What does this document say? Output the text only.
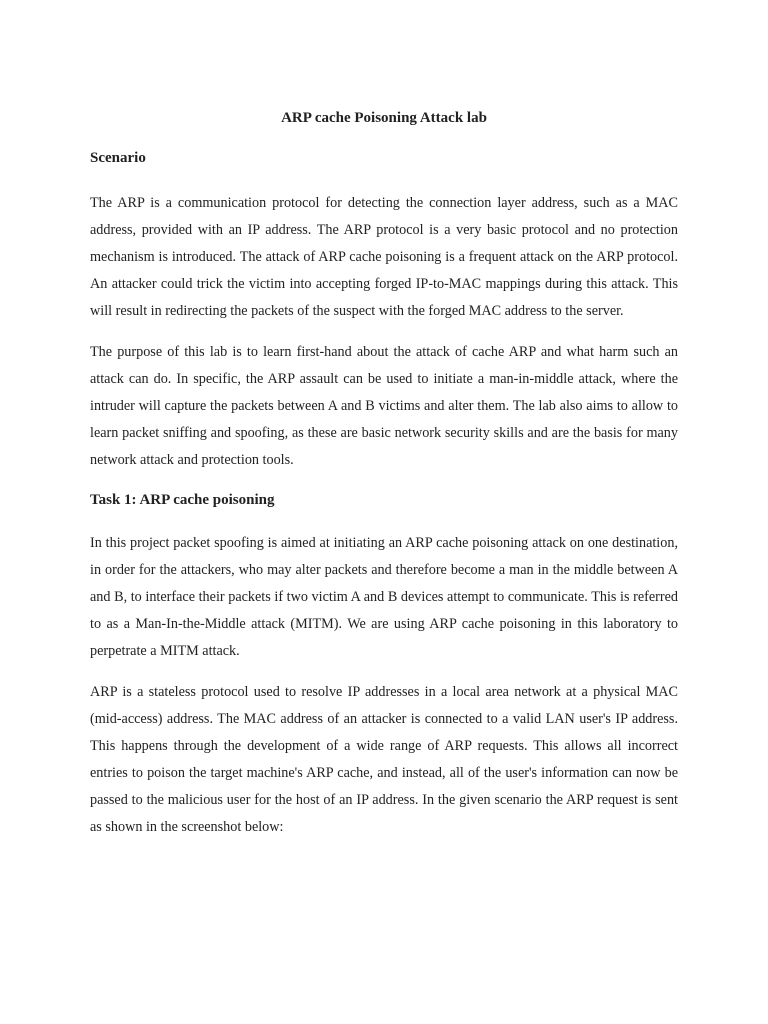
ARP cache Poisoning Attack lab
Scenario

The ARP is a communication protocol for detecting the connection layer address, such as a MAC address, provided with an IP address. The ARP protocol is a very basic protocol and no protection mechanism is introduced. The attack of ARP cache poisoning is a frequent attack on the ARP protocol. An attacker could trick the victim into accepting forged IP-to-MAC mappings during this attack. This will result in redirecting the packets of the suspect with the forged MAC address to the server.

The purpose of this lab is to learn first-hand about the attack of cache ARP and what harm such an attack can do. In specific, the ARP assault can be used to initiate a man-in-middle attack, where the intruder will capture the packets between A and B victims and alter them. The lab also aims to allow to learn packet sniffing and spoofing, as these are basic network security skills and are the basis for many network attack and protection tools.

Task 1: ARP cache poisoning

In this project packet spoofing is aimed at initiating an ARP cache poisoning attack on one destination, in order for the attackers, who may alter packets and therefore become a man in the middle between A and B, to interface their packets if two victim A and B devices attempt to communicate. This is referred to as a Man-In-the-Middle attack (MITM). We are using ARP cache poisoning in this laboratory to perpetrate a MITM attack.

ARP is a stateless protocol used to resolve IP addresses in a local area network at a physical MAC (mid-access) address. The MAC address of an attacker is connected to a valid LAN user's IP address. This happens through the development of a wide range of ARP requests. This allows all incorrect entries to poison the target machine's ARP cache, and instead, all of the user's information can now be passed to the malicious user for the host of an IP address. In the given scenario the ARP request is sent as shown in the screenshot below:
